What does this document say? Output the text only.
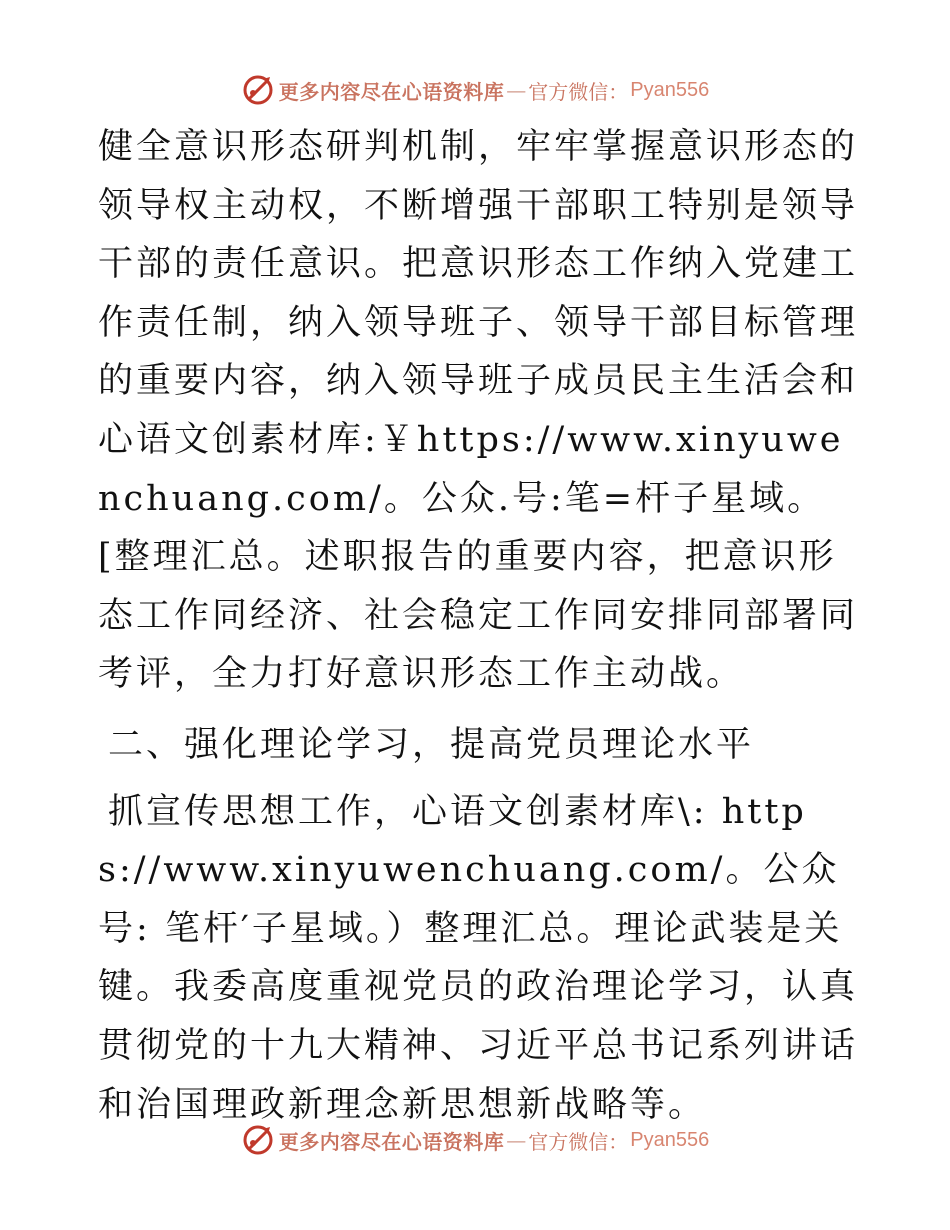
更多内容尽在心语资料库 — 官方微信： Pyan556

健全意识形态研判机制，牢牢掌握意识形态的领导权主动权，不断增强干部职工特别是领导干部的责任意识。把意识形态工作纳入党建工作责任制，纳入领导班子、领导干部目标管理的重要内容，纳入领导班子成员民主生活会和心语文创素材库:￥https://www.xinyuwenchuang.com/。公众.号:笔=杆子星域。[整理汇总。述职报告的重要内容，把意识形态工作同经济、社会稳定工作同安排同部署同考评，全力打好意识形态工作主动战。

二、强化理论学习，提高党员理论水平

抓宣传思想工作，心语文创素材库\: https://www.xinyuwenchuang.com/。公众号: 笔杆′子星域。）整理汇总。理论武装是关键。我委高度重视党员的政治理论学习，认真贯彻党的十九大精神、习近平总书记系列讲话和治国理政新理念新思想新战略等。

更多内容尽在心语资料库 — 官方微信： Pyan556
